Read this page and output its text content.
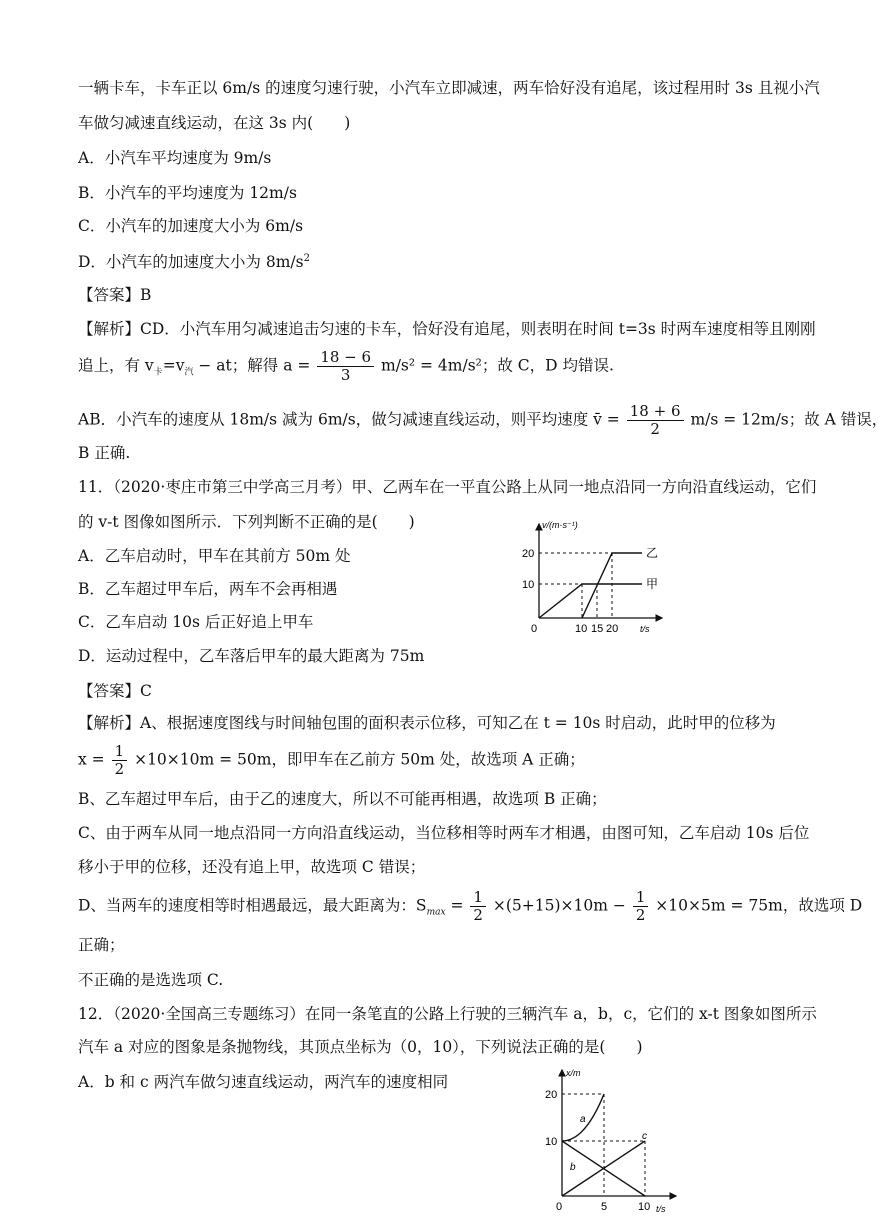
一辆卡车，卡车正以 6m/s 的速度匀速行驶，小汽车立即减速，两车恰好没有追尾，该过程用时 3s 且视小汽
车做匀减速直线运动，在这 3s 内(　　)
A．小汽车平均速度为 9m/s
B．小汽车的平均速度为 12m/s
C．小汽车的加速度大小为 6m/s
D．小汽车的加速度大小为 $8m/s^2$
【答案】B
【解析】CD．小汽车用匀减速追击匀速的卡车，恰好没有追尾，则表明在时间 t=3s 时两车速度相等且刚刚
追上，有 $v_卡=v_汽$ − at；解得 $a = \frac{18 - 6}{3} m/s^2 = 4m/s^2$；故 C，D 均错误.
AB．小汽车的速度从 18m/s 减为 6m/s，做匀减速直线运动，则平均速度 v̄ = $\frac{18 + 6}{2} m/s = 12m/s$；故 A 错误，
B 正确.
11．（2020·枣庄市第三中学高三月考）甲、乙两车在一平直公路上从同一地点沿同一方向沿直线运动，它们
的 v-t 图像如图所示．下列判断不正确的是(　　)
A．乙车启动时，甲车在其前方 50m 处
B．乙车超过甲车后，两车不会再相遇
C．乙车启动 10s 后正好追上甲车
D．运动过程中，乙车落后甲车的最大距离为 75m
v/(m·s⁻¹)
t/s
20
10
0	10 15 20
乙
甲
【答案】C
【解析】A、根据速度图线与时间轴包围的面积表示位移，可知乙在 t = 10s 时启动，此时甲的位移为
$x = \frac{1}{2} \times 10\times 10m = 50m$，即甲车在乙前方 50m 处，故选项 A 正确；
B、乙车超过甲车后，由于乙的速度大，所以不可能再相遇，故选项 B 正确；
C、由于两车从同一地点沿同一方向沿直线运动，当位移相等时两车才相遇，由图可知，乙车启动 10s 后位
移小于甲的位移，还没有追上甲，故选项 C 错误；
D、当两车的速度相等时相遇最远，最大距离为：$S_{max} = \frac{1}{2} \times(5+15)\times 10m - \frac{1}{2} \times 10\times 5m = 75m$，故选项 D
正确；
不正确的是选选项 C.
12．（2020·全国高三专题练习）在同一条笔直的公路上行驶的三辆汽车 a，b，c，它们的 x-t 图象如图所示
汽车 a 对应的图象是条抛物线，其顶点坐标为（0，10），下列说法正确的是(　　)
A．b 和 c 两汽车做匀速直线运动，两汽车的速度相同	x/m
t/s
20
10
0	5	10
a
b
c
